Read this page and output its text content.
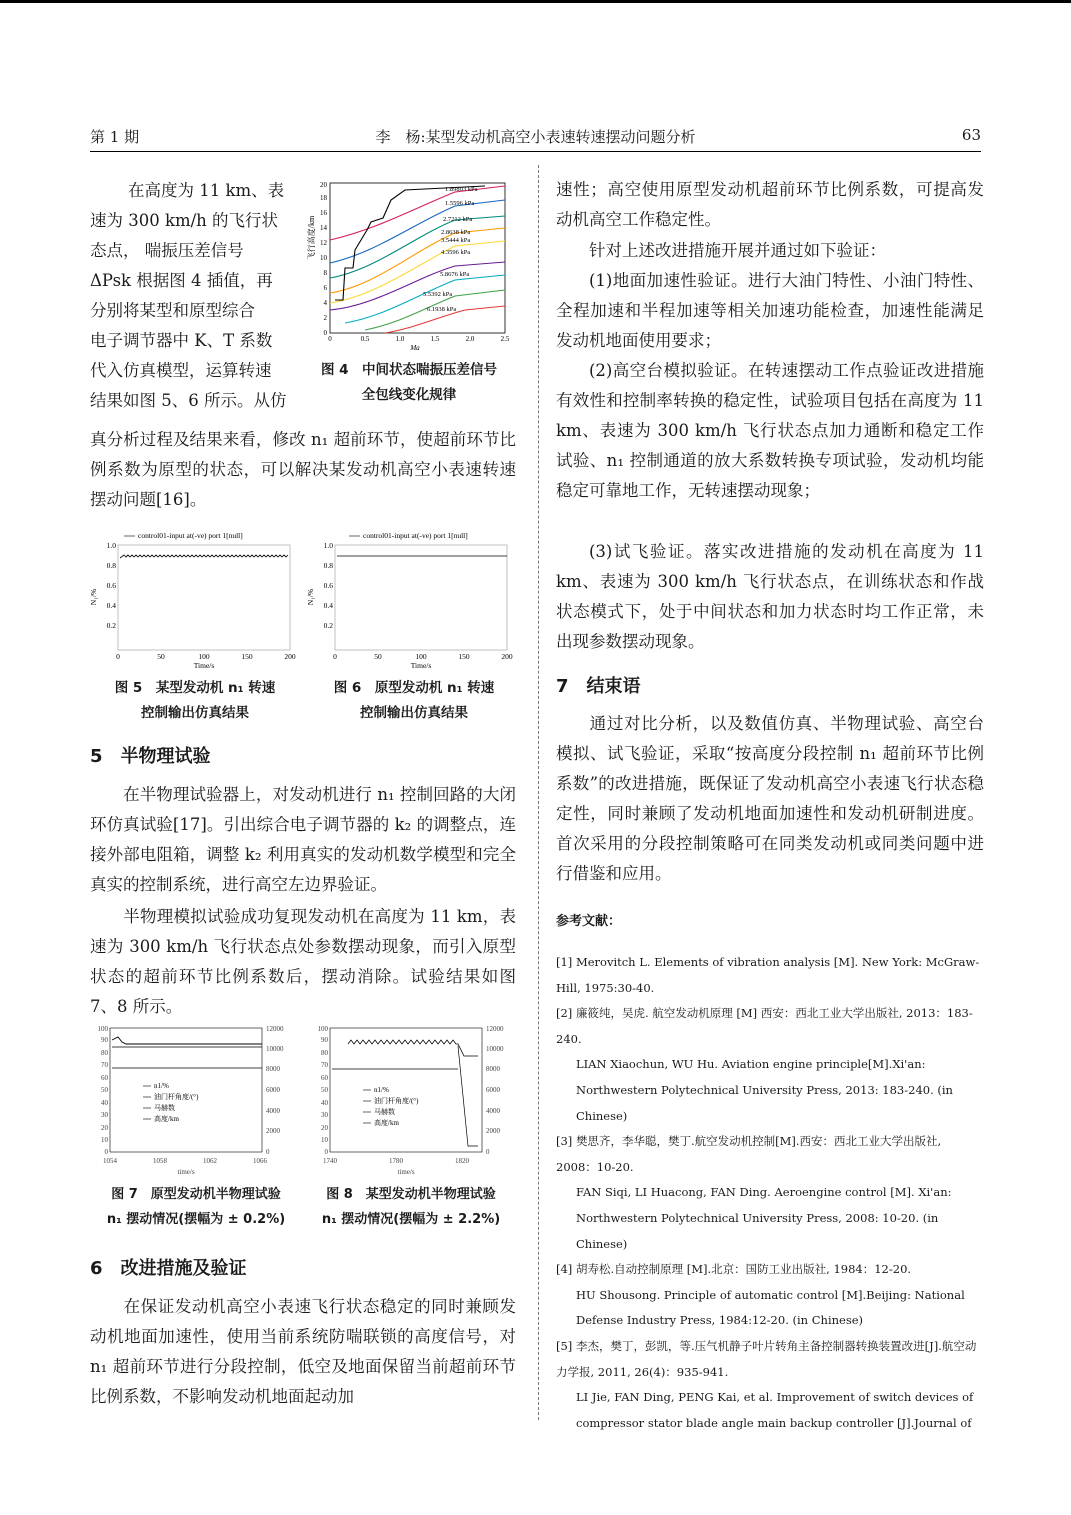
第 1 期	李　杨:某型发动机高空小表速转速摆动问题分析	63
在高度为 11 km、表
速为 300 km/h 的飞行状
态点， 喘振压差信号
ΔPsk 根据图 4 插值，再
分别将某型和原型综合
电子调节器中 K、T 系数
代入仿真模型，运算转速
结果如图 5、6 所示。从仿
飞行高度/km
0
2
4
6
8
10
12
14
16
18
20
0	0.5	1.0	1.5	2.0	2.5
Ma
1.89803 kPa
1.5596 kPa
2.7212 kPa
2.8638 kPa
3.5444 kPa
4.3596 kPa
5.8676 kPa
5.5392 kPa
6.1938 kPa
图 4　中间状态喘振压差信号
全包线变化规律

真分析过程及结果来看，修改 n₁ 超前环节，使超前环节比例系数为原型的状态，可以解决某发动机高空小表速转速摆动问题[16]。

control01-input at(-ve) port 1[null]
N₁/%
0.2
0.4
0.6
0.8
1.0
0	50	100	150	200
Time/s
control01-input at(-ve) port 1[null]
N₁/%
0.2
0.4
0.6
0.8
1.0
0	50	100	150	200
Time/s
图 5　某型发动机 n₁ 转速
控制输出仿真结果
图 6　原型发动机 n₁ 转速
控制输出仿真结果
5　半物理试验

在半物理试验器上，对发动机进行 n₁ 控制回路的大闭环仿真试验[17]。引出综合电子调节器的 k₂ 的调整点，连接外部电阻箱，调整 k₂ 利用真实的发动机数学模型和完全真实的控制系统，进行高空左边界验证。

半物理模拟试验成功复现发动机在高度为 11 km，表速为 300 km/h 飞行状态点处参数摆动现象，而引入原型状态的超前环节比例系数后，摆动消除。试验结果如图 7、8 所示。

0
10
20
30
40
50
60
70
80
90
100
0
2000
4000
6000
8000
10000
12000
n1/%
油门杆角度/(°)
马赫数
高度/km
1054	1058	1062	1066
time/s
0
10
20
30
40
50
60
70
80
90
100
0
2000
4000
6000
8000
10000
12000
n1/%
油门杆角度/(°)
马赫数
高度/km
1740	1780	1820
time/s
图 7　原型发动机半物理试验
n₁ 摆动情况(摆幅为 ± 0.2%)
图 8　某型发动机半物理试验
n₁ 摆动情况(摆幅为 ± 2.2%)
6　改进措施及验证

在保证发动机高空小表速飞行状态稳定的同时兼顾发动机地面加速性，使用当前系统防喘联锁的高度信号，对 n₁ 超前环节进行分段控制，低空及地面保留当前超前环节比例系数，不影响发动机地面起动加

速性；高空使用原型发动机超前环节比例系数，可提高发动机高空工作稳定性。

针对上述改进措施开展并通过如下验证：

(1)地面加速性验证。进行大油门特性、小油门特性、全程加速和半程加速等相关加速功能检查，加速性能满足发动机地面使用要求；

(2)高空台模拟验证。在转速摆动工作点验证改进措施有效性和控制率转换的稳定性，试验项目包括在高度为 11 km、表速为 300 km/h 飞行状态点加力通断和稳定工作试验、n₁ 控制通道的放大系数转换专项试验，发动机均能稳定可靠地工作，无转速摆动现象；

(3)试飞验证。落实改进措施的发动机在高度为 11 km、表速为 300 km/h 飞行状态点，在训练状态和作战状态模式下，处于中间状态和加力状态时均工作正常，未出现参数摆动现象。

7　结束语

通过对比分析，以及数值仿真、半物理试验、高空台模拟、试飞验证，采取“按高度分段控制 n₁ 超前环节比例系数”的改进措施，既保证了发动机高空小表速飞行状态稳定性，同时兼顾了发动机地面加速性和发动机研制进度。首次采用的分段控制策略可在同类发动机或同类问题中进行借鉴和应用。

参考文献：

[1] Merovitch L. Elements of vibration analysis [M]. New York: McGraw-Hill, 1975:30-40.

[2] 廉筱纯，吴虎. 航空发动机原理 [M] 西安：西北工业大学出版社, 2013：183-240.
LIAN Xiaochun, WU Hu. Aviation engine principle[M].Xi'an: Northwestern Polytechnical University Press, 2013: 183-240. (in Chinese)

[3] 樊思齐，李华聪，樊丁.航空发动机控制[M].西安：西北工业大学出版社, 2008：10-20.
FAN Siqi, LI Huacong, FAN Ding. Aeroengine control [M]. Xi'an: Northwestern Polytechnical University Press, 2008: 10-20. (in Chinese)

[4] 胡寿松.自动控制原理 [M].北京：国防工业出版社, 1984：12-20.
HU Shousong. Principle of automatic control [M].Beijing: National Defense Industry Press, 1984:12-20. (in Chinese)

[5] 李杰，樊丁，彭凯，等.压气机静子叶片转角主备控制器转换装置改进[J].航空动力学报, 2011, 26(4)：935-941.
LI Jie, FAN Ding, PENG Kai, et al. Improvement of switch devices of compressor stator blade angle main backup controller [J].Journal of
